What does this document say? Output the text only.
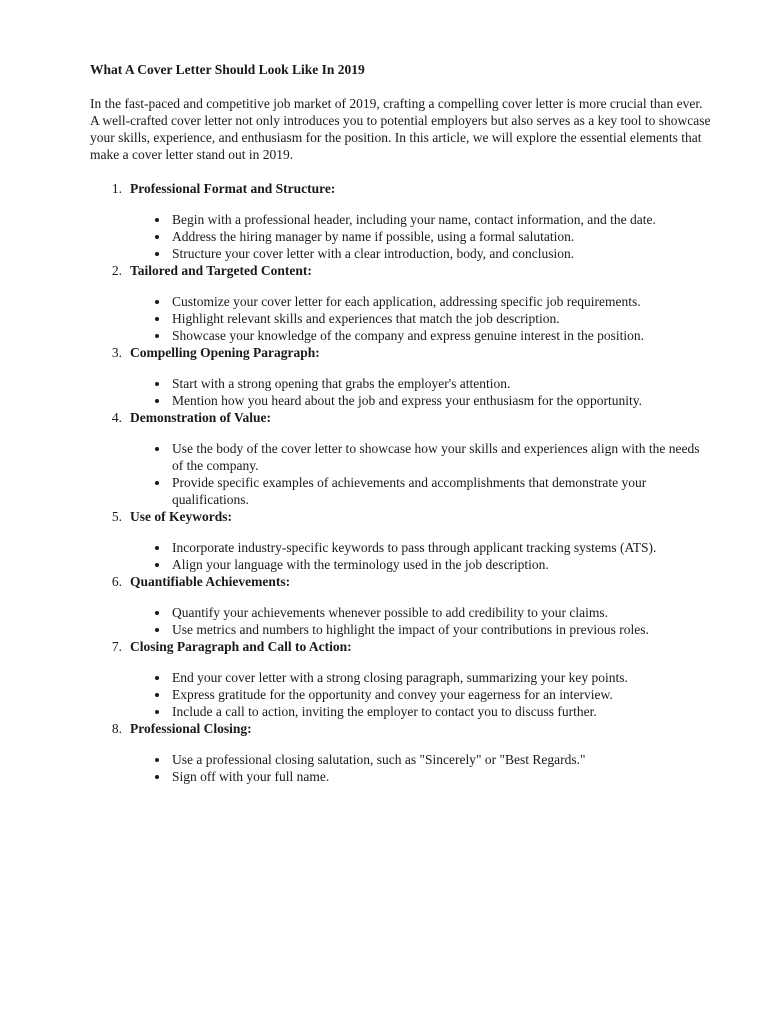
What A Cover Letter Should Look Like In 2019

In the fast-paced and competitive job market of 2019, crafting a compelling cover letter is more crucial than ever. A well-crafted cover letter not only introduces you to potential employers but also serves as a key tool to showcase your skills, experience, and enthusiasm for the position. In this article, we will explore the essential elements that make a cover letter stand out in 2019.

1. Professional Format and Structure:
• Begin with a professional header, including your name, contact information, and the date.
• Address the hiring manager by name if possible, using a formal salutation.
• Structure your cover letter with a clear introduction, body, and conclusion.
2. Tailored and Targeted Content:
• Customize your cover letter for each application, addressing specific job requirements.
• Highlight relevant skills and experiences that match the job description.
• Showcase your knowledge of the company and express genuine interest in the position.
3. Compelling Opening Paragraph:
• Start with a strong opening that grabs the employer's attention.
• Mention how you heard about the job and express your enthusiasm for the opportunity.
4. Demonstration of Value:
• Use the body of the cover letter to showcase how your skills and experiences align with the needs of the company.
• Provide specific examples of achievements and accomplishments that demonstrate your qualifications.
5. Use of Keywords:
• Incorporate industry-specific keywords to pass through applicant tracking systems (ATS).
• Align your language with the terminology used in the job description.
6. Quantifiable Achievements:
• Quantify your achievements whenever possible to add credibility to your claims.
• Use metrics and numbers to highlight the impact of your contributions in previous roles.
7. Closing Paragraph and Call to Action:
• End your cover letter with a strong closing paragraph, summarizing your key points.
• Express gratitude for the opportunity and convey your eagerness for an interview.
• Include a call to action, inviting the employer to contact you to discuss further.
8. Professional Closing:
• Use a professional closing salutation, such as "Sincerely" or "Best Regards."
• Sign off with your full name.
